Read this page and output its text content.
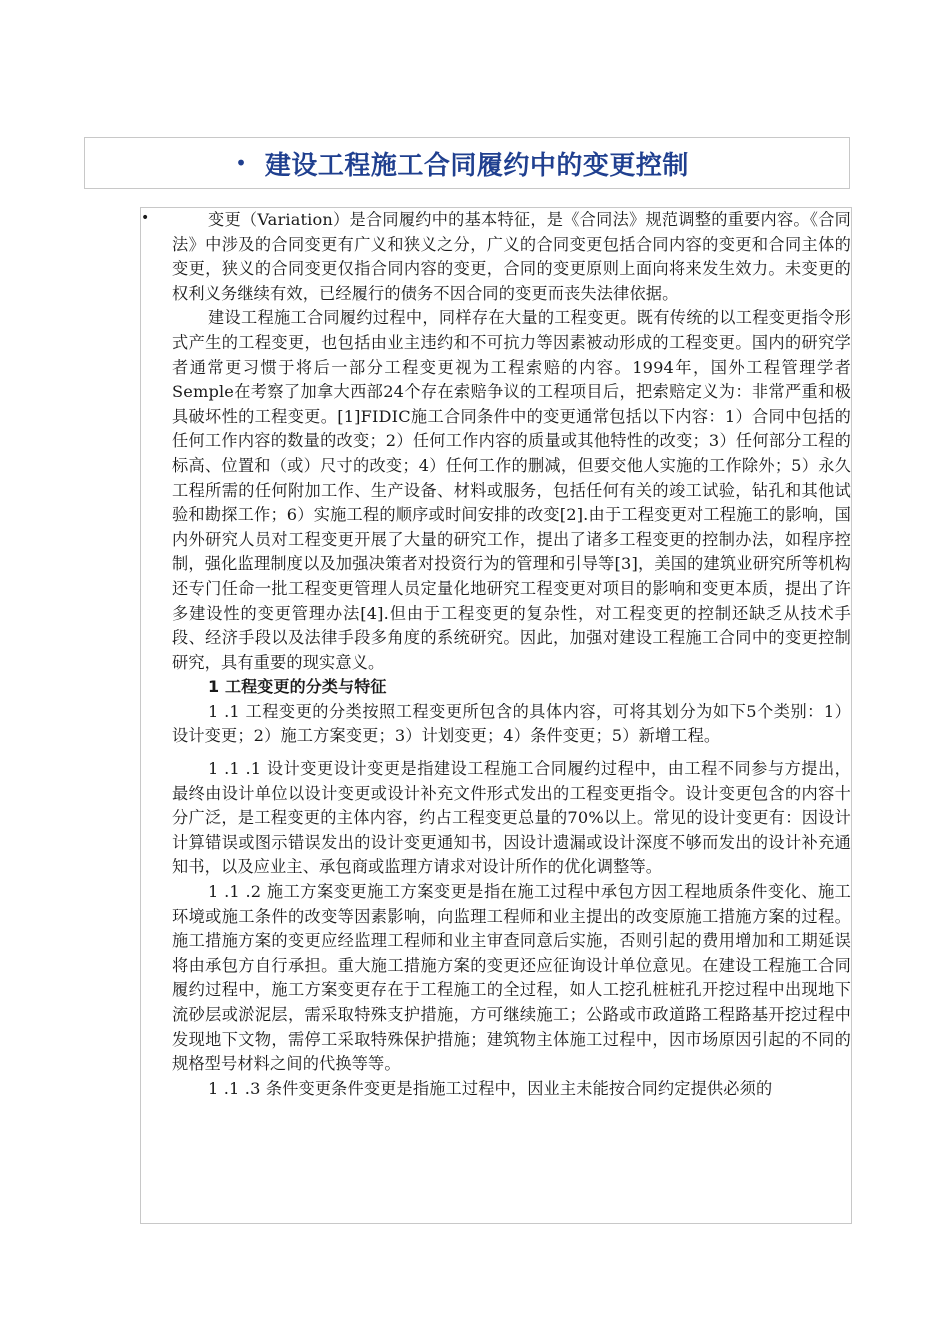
• 建设工程施工合同履约中的变更控制
•	变更（Variation）是合同履约中的基本特征，是《合同法》规范调整的重要内容。《合同法》中涉及的合同变更有广义和狭义之分，广义的合同变更包括合同内容的变更和合同主体的变更，狭义的合同变更仅指合同内容的变更，合同的变更原则上面向将来发生效力。未变更的权利义务继续有效，已经履行的债务不因合同的变更而丧失法律依据。

建设工程施工合同履约过程中，同样存在大量的工程变更。既有传统的以工程变更指令形式产生的工程变更，也包括由业主违约和不可抗力等因素被动形成的工程变更。国内的研究学者通常更习惯于将后一部分工程变更视为工程索赔的内容。1994年，国外工程管理学者Semple在考察了加拿大西部24个存在索赔争议的工程项目后，把索赔定义为：非常严重和极具破坏性的工程变更。[1]FIDIC施工合同条件中的变更通常包括以下内容：1）合同中包括的任何工作内容的数量的改变；2）任何工作内容的质量或其他特性的改变；3）任何部分工程的标高、位置和（或）尺寸的改变；4）任何工作的删减，但要交他人实施的工作除外；5）永久工程所需的任何附加工作、生产设备、材料或服务，包括任何有关的竣工试验，钻孔和其他试验和勘探工作；6）实施工程的顺序或时间安排的改变[2].由于工程变更对工程施工的影响，国内外研究人员对工程变更开展了大量的研究工作，提出了诸多工程变更的控制办法，如程序控制，强化监理制度以及加强决策者对投资行为的管理和引导等[3]，美国的建筑业研究所等机构还专门任命一批工程变更管理人员定量化地研究工程变更对项目的影响和变更本质，提出了许多建设性的变更管理办法[4].但由于工程变更的复杂性，对工程变更的控制还缺乏从技术手段、经济手段以及法律手段多角度的系统研究。因此，加强对建设工程施工合同中的变更控制研究，具有重要的现实意义。

1 工程变更的分类与特征

1 .1 工程变更的分类按照工程变更所包含的具体内容，可将其划分为如下5个类别：1）设计变更；2）施工方案变更；3）计划变更；4）条件变更；5）新增工程。

1 .1 .1 设计变更设计变更是指建设工程施工合同履约过程中，由工程不同参与方提出，最终由设计单位以设计变更或设计补充文件形式发出的工程变更指令。设计变更包含的内容十分广泛，是工程变更的主体内容，约占工程变更总量的70%以上。常见的设计变更有：因设计计算错误或图示错误发出的设计变更通知书，因设计遗漏或设计深度不够而发出的设计补充通知书，以及应业主、承包商或监理方请求对设计所作的优化调整等。

1 .1 .2 施工方案变更施工方案变更是指在施工过程中承包方因工程地质条件变化、施工环境或施工条件的改变等因素影响，向监理工程师和业主提出的改变原施工措施方案的过程。施工措施方案的变更应经监理工程师和业主审查同意后实施，否则引起的费用增加和工期延误将由承包方自行承担。重大施工措施方案的变更还应征询设计单位意见。在建设工程施工合同履约过程中，施工方案变更存在于工程施工的全过程，如人工挖孔桩桩孔开挖过程中出现地下流砂层或淤泥层，需采取特殊支护措施，方可继续施工；公路或市政道路工程路基开挖过程中发现地下文物，需停工采取特殊保护措施；建筑物主体施工过程中，因市场原因引起的不同的规格型号材料之间的代换等等。

1 .1 .3 条件变更条件变更是指施工过程中，因业主未能按合同约定提供必须的
